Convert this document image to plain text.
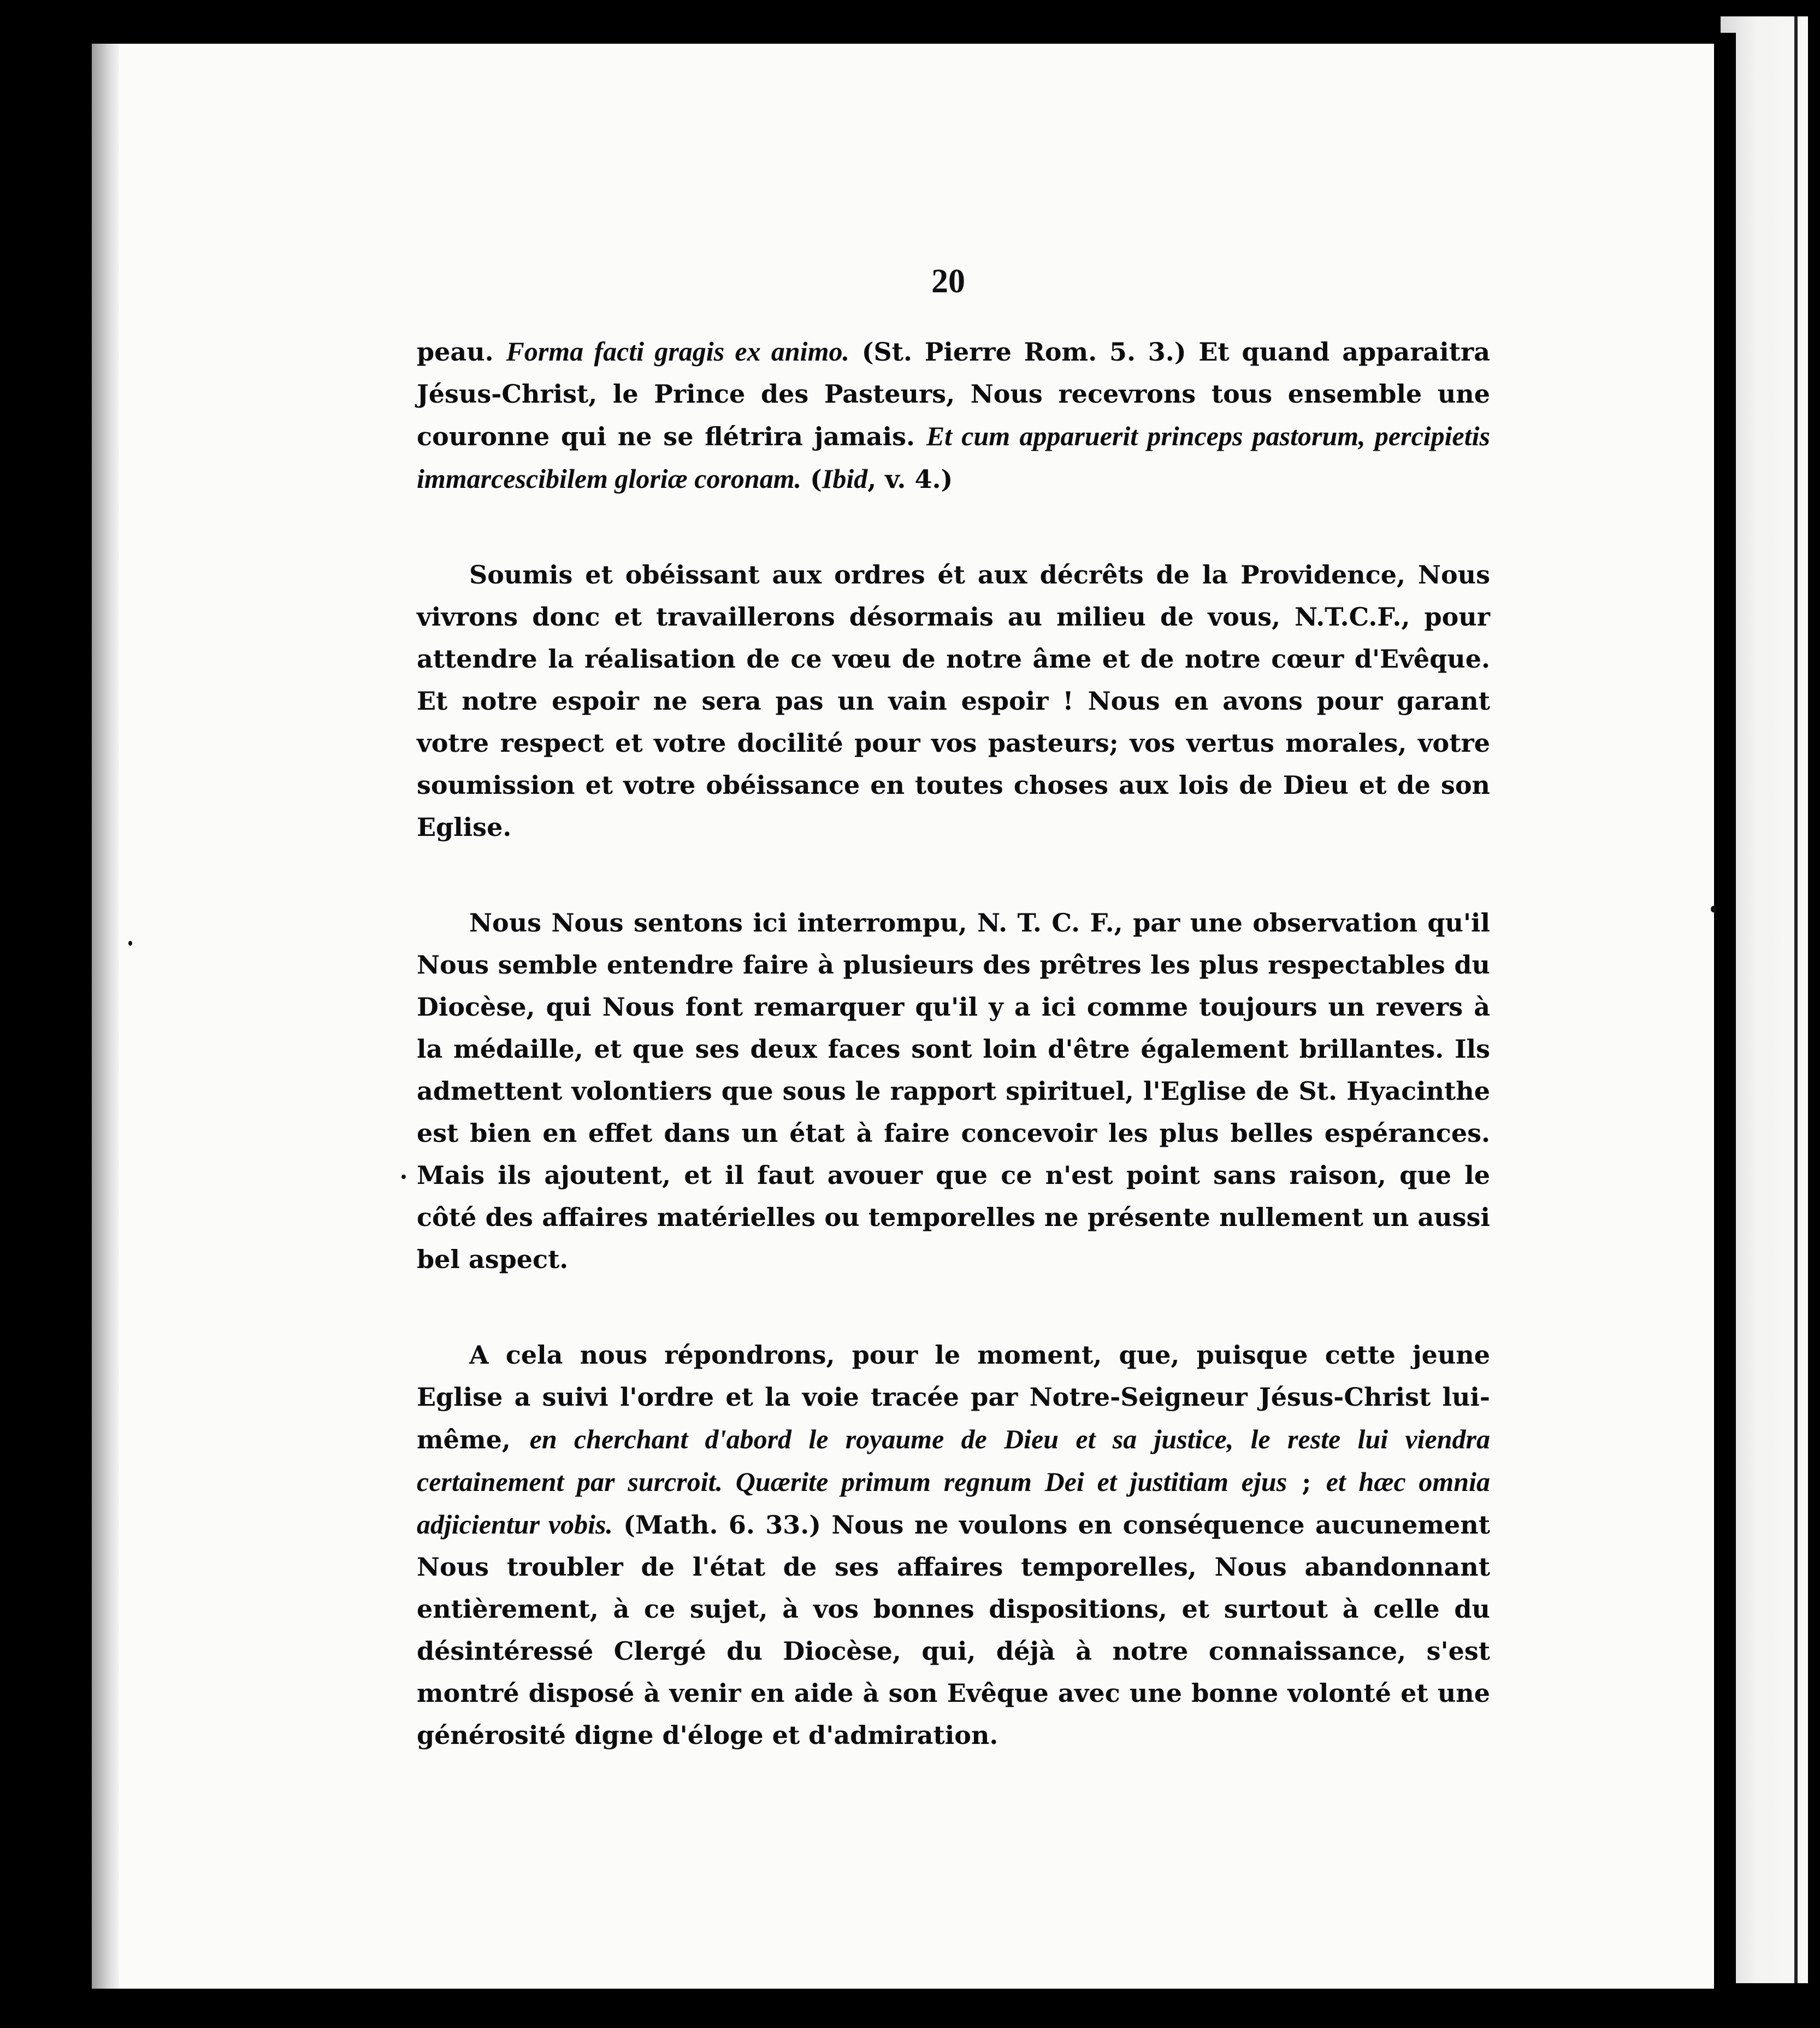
20

peau. Forma facti gragis ex animo. (St. Pierre Rom. 5. 3.) Et quand apparaitra Jésus-Christ, le Prince des Pasteurs, Nous recevrons tous ensemble une couronne qui ne se flétrira jamais. Et cum apparuerit princeps pastorum, percipietis immarcescibilem gloriæ coronam. (Ibid, v. 4.)

Soumis et obéissant aux ordres ét aux décrêts de la Providence, Nous vivrons donc et travaillerons désormais au milieu de vous, N.T.C.F., pour attendre la réalisation de ce vœu de notre âme et de notre cœur d'Evêque. Et notre espoir ne sera pas un vain espoir ! Nous en avons pour garant votre respect et votre docilité pour vos pasteurs; vos vertus morales, votre soumission et votre obéissance en toutes choses aux lois de Dieu et de son Eglise.

Nous Nous sentons ici interrompu, N. T. C. F., par une observation qu'il Nous semble entendre faire à plusieurs des prêtres les plus respectables du Diocèse, qui Nous font remarquer qu'il y a ici comme toujours un revers à la médaille, et que ses deux faces sont loin d'être également brillantes. Ils admettent volontiers que sous le rapport spirituel, l'Eglise de St. Hyacinthe est bien en effet dans un état à faire concevoir les plus belles espérances. Mais ils ajoutent, et il faut avouer que ce n'est point sans raison, que le côté des affaires matérielles ou temporelles ne présente nullement un aussi bel aspect.

A cela nous répondrons, pour le moment, que, puisque cette jeune Eglise a suivi l'ordre et la voie tracée par Notre-Seigneur Jésus-Christ lui-même, en cherchant d'abord le royaume de Dieu et sa justice, le reste lui viendra certainement par surcroit. Quærite primum regnum Dei et justitiam ejus ; et hæc omnia adjicientur vobis. (Math. 6. 33.) Nous ne voulons en conséquence aucunement Nous troubler de l'état de ses affaires temporelles, Nous abandonnant entièrement, à ce sujet, à vos bonnes dispositions, et surtout à celle du désintéressé Clergé du Diocèse, qui, déjà à notre connaissance, s'est montré disposé à venir en aide à son Evêque avec une bonne volonté et une générosité digne d'éloge et d'admiration.
